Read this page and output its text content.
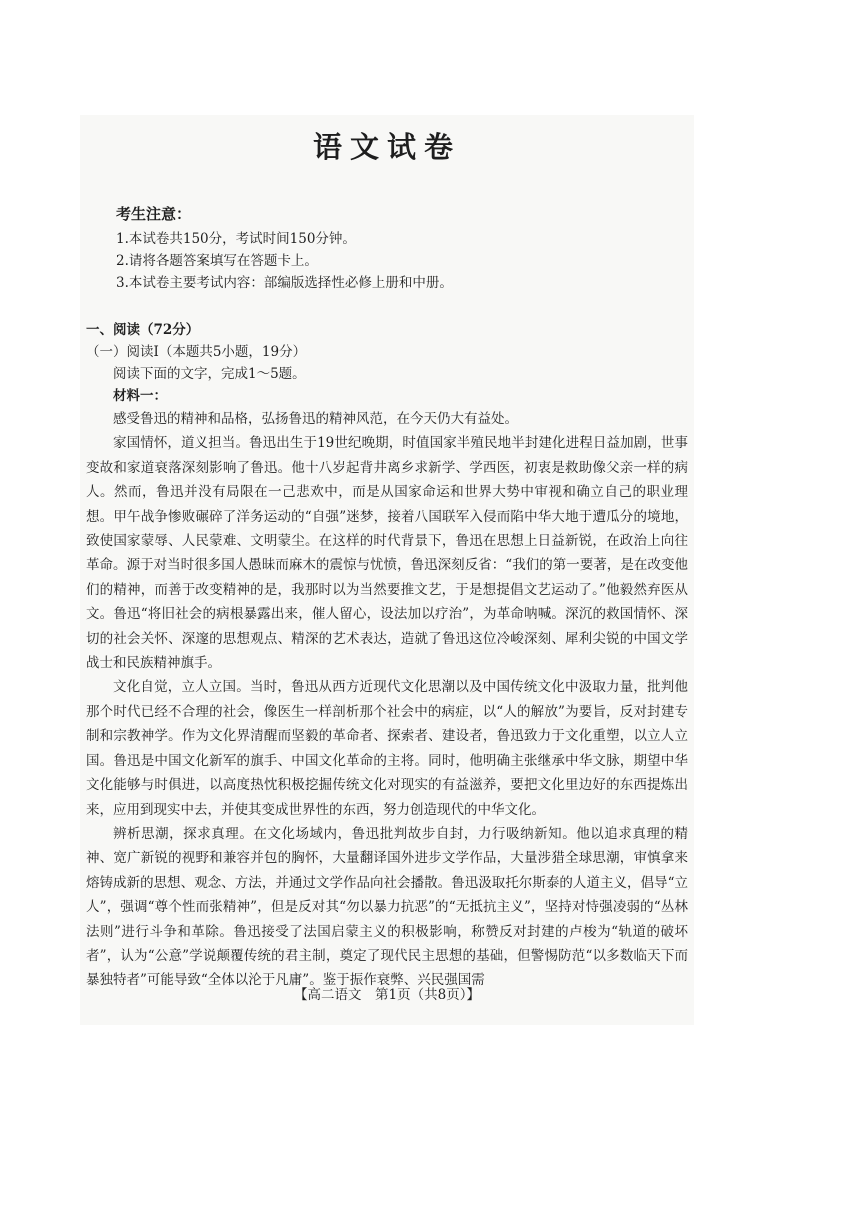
语文试卷
考生注意：
1.本试卷共150分，考试时间150分钟。
2.请将各题答案填写在答题卡上。
3.本试卷主要考试内容：部编版选择性必修上册和中册。
一、阅读（72分）
（一）阅读Ⅰ（本题共5小题，19分）
阅读下面的文字，完成1～5题。
材料一：

感受鲁迅的精神和品格，弘扬鲁迅的精神风范，在今天仍大有益处。

家国情怀，道义担当。鲁迅出生于19世纪晚期，时值国家半殖民地半封建化进程日益加剧，世事变故和家道衰落深刻影响了鲁迅。他十八岁起背井离乡求新学、学西医，初衷是救助像父亲一样的病人。然而，鲁迅并没有局限在一己悲欢中，而是从国家命运和世界大势中审视和确立自己的职业理想。甲午战争惨败碾碎了洋务运动的“自强”迷梦，接着八国联军入侵而陷中华大地于遭瓜分的境地，致使国家蒙辱、人民蒙难、文明蒙尘。在这样的时代背景下，鲁迅在思想上日益新锐，在政治上向往革命。源于对当时很多国人愚昧而麻木的震惊与忧愤，鲁迅深刻反省：“我们的第一要著，是在改变他们的精神，而善于改变精神的是，我那时以为当然要推文艺，于是想提倡文艺运动了。”他毅然弃医从文。鲁迅“将旧社会的病根暴露出来，催人留心，设法加以疗治”，为革命呐喊。深沉的救国情怀、深切的社会关怀、深邃的思想观点、精深的艺术表达，造就了鲁迅这位冷峻深刻、犀利尖锐的中国文学战士和民族精神旗手。

文化自觉，立人立国。当时，鲁迅从西方近现代文化思潮以及中国传统文化中汲取力量，批判他那个时代已经不合理的社会，像医生一样剖析那个社会中的病症，以“人的解放”为要旨，反对封建专制和宗教神学。作为文化界清醒而坚毅的革命者、探索者、建设者，鲁迅致力于文化重塑，以立人立国。鲁迅是中国文化新军的旗手、中国文化革命的主将。同时，他明确主张继承中华文脉，期望中华文化能够与时俱进，以高度热忱积极挖掘传统文化对现实的有益滋养，要把文化里边好的东西提炼出来，应用到现实中去，并使其变成世界性的东西，努力创造现代的中华文化。

辨析思潮，探求真理。在文化场域内，鲁迅批判故步自封，力行吸纳新知。他以追求真理的精神、宽广新锐的视野和兼容并包的胸怀，大量翻译国外进步文学作品，大量涉猎全球思潮，审慎拿来熔铸成新的思想、观念、方法，并通过文学作品向社会播散。鲁迅汲取托尔斯泰的人道主义，倡导“立人”，强调“尊个性而张精神”，但是反对其“勿以暴力抗恶”的“无抵抗主义”，坚持对恃强凌弱的“丛林法则”进行斗争和革除。鲁迅接受了法国启蒙主义的积极影响，称赞反对封建的卢梭为“轨道的破坏者”，认为“公意”学说颠覆传统的君主制，奠定了现代民主思想的基础，但警惕防范“以多数临天下而暴独特者”可能导致“全体以沦于凡庸”。鉴于振作衰弊、兴民强国需

【高二语文　第1页（共8页）】
